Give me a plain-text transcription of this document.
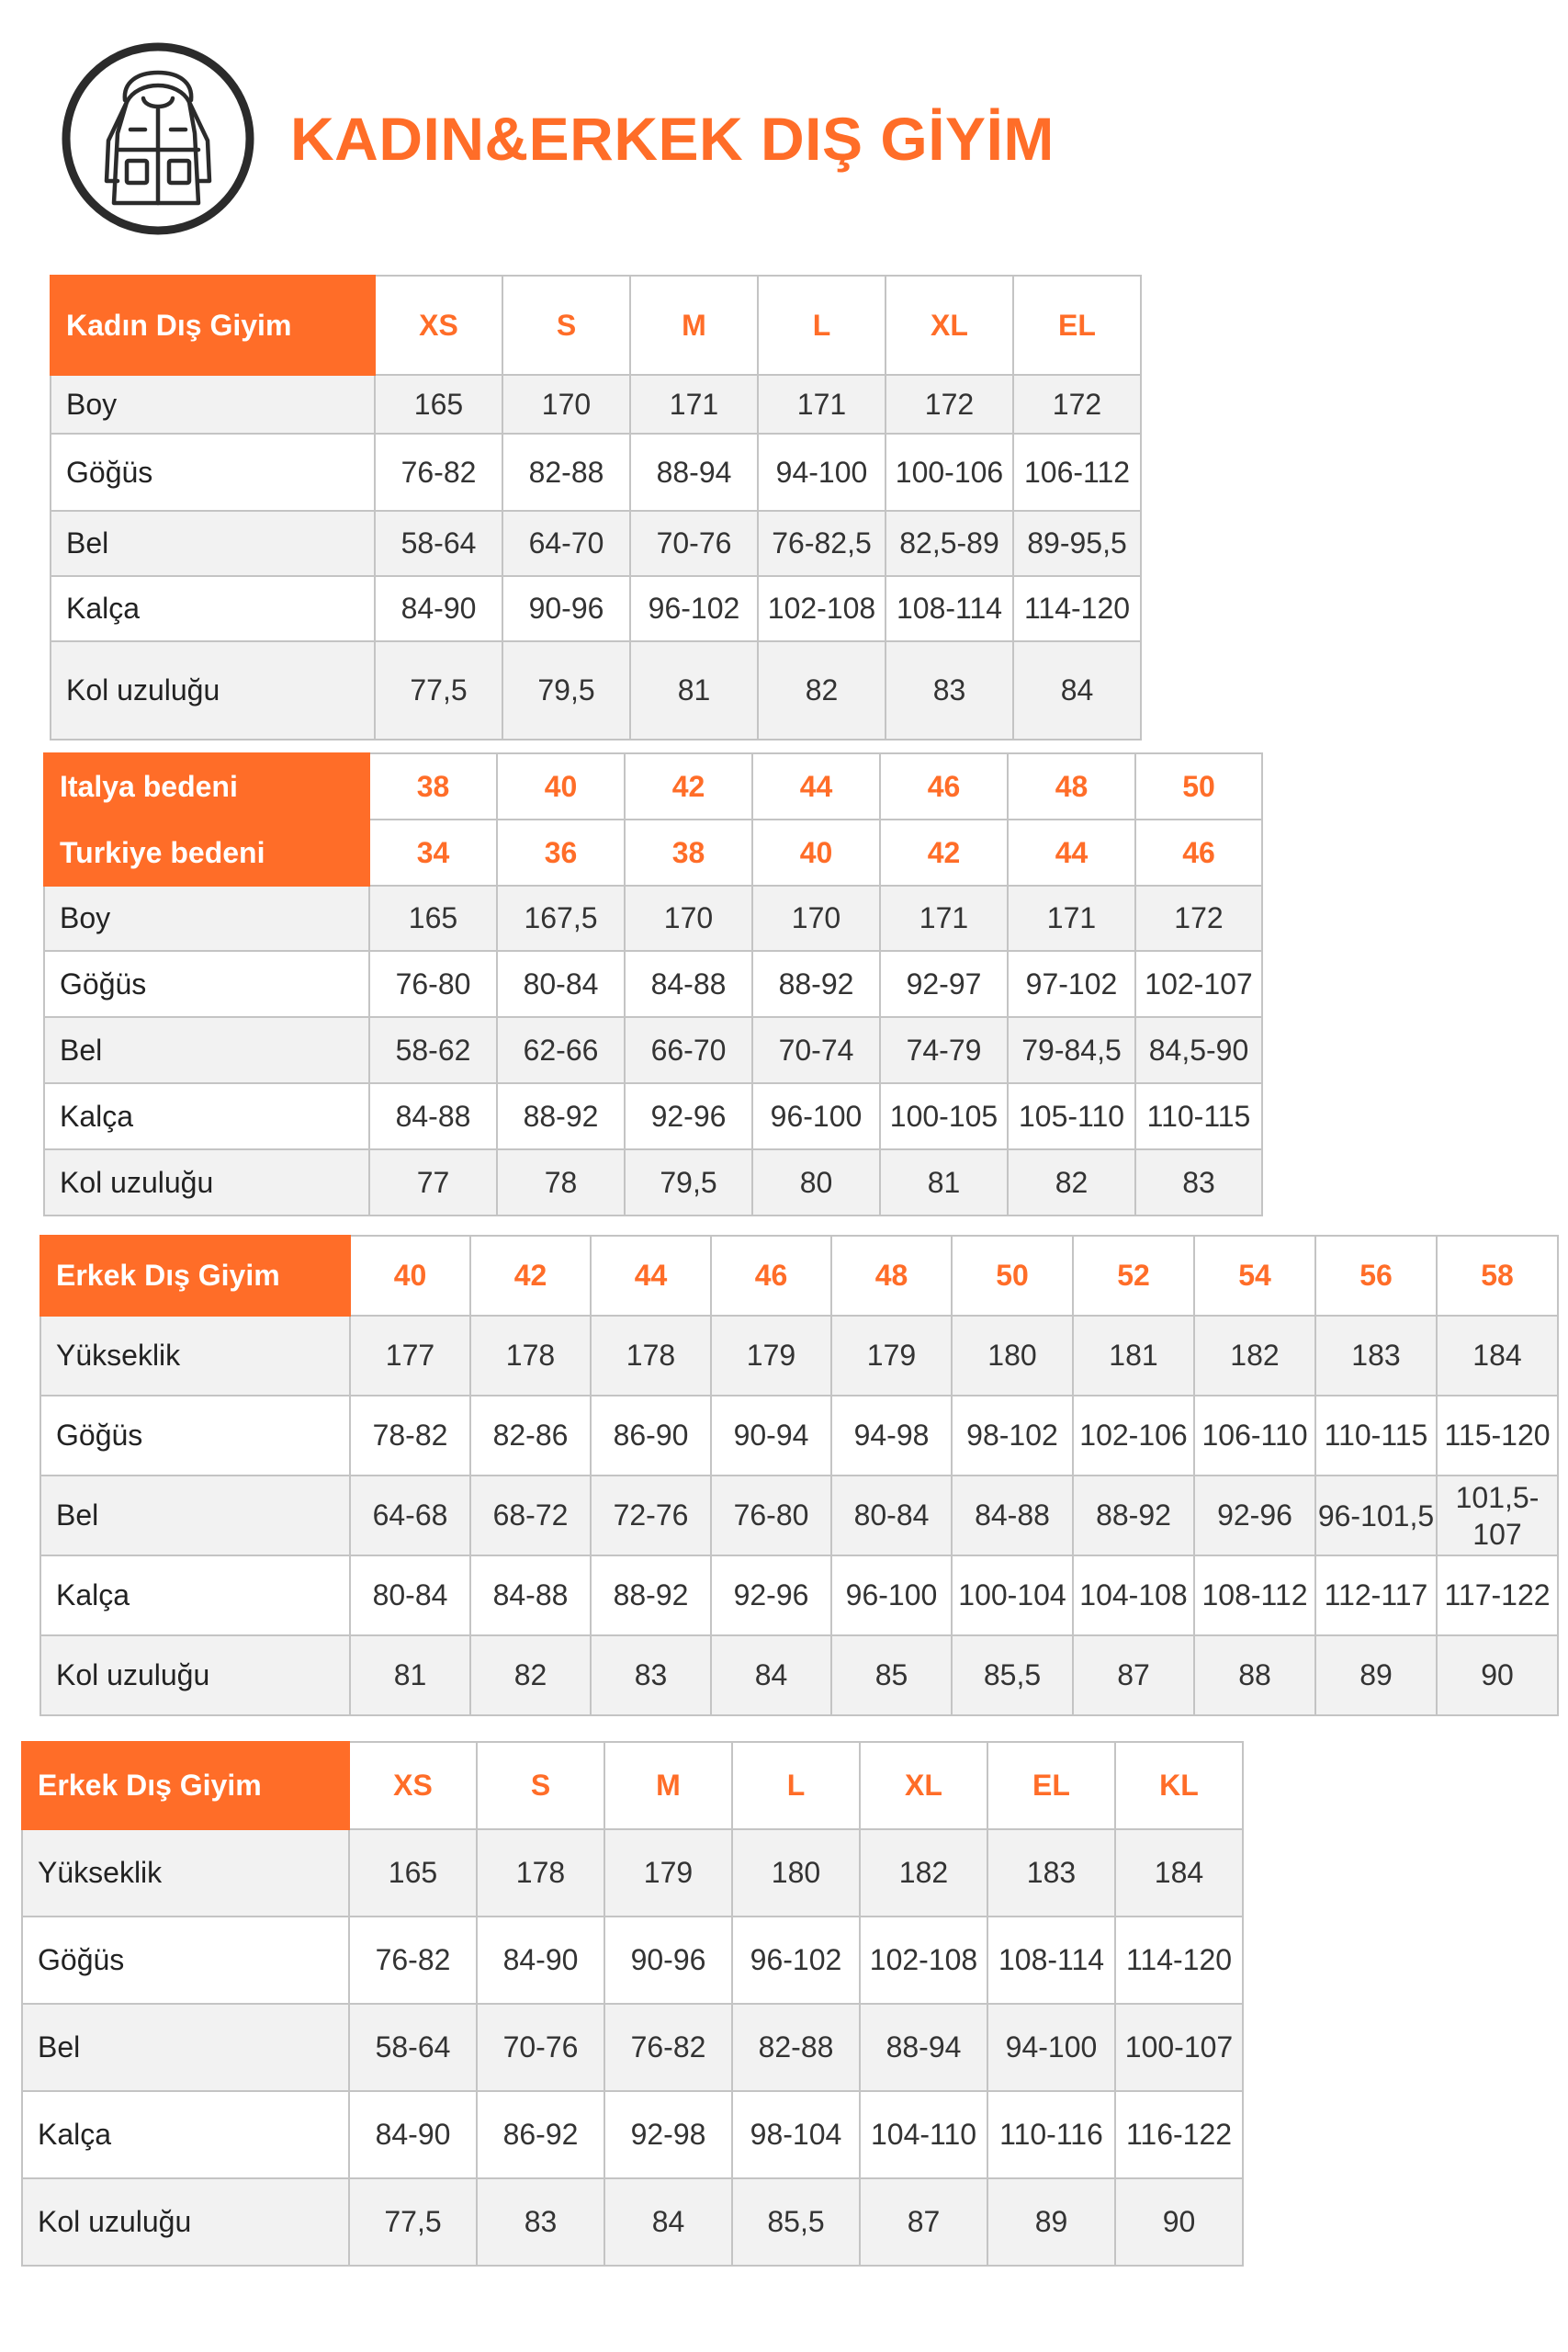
KADIN&ERKEK DIŞ GİYİM
Kadın Dış Giyim	XS	S	M	L	XL	EL
Boy	165	170	171	171	172	172
Göğüs	76-82	82-88	88-94	94-100	100-106	106-112
Bel	58-64	64-70	70-76	76-82,5	82,5-89	89-95,5
Kalça	84-90	90-96	96-102	102-108	108-114	114-120
Kol uzuluğu	77,5	79,5	81	82	83	84
Italya bedeni	38	40	42	44	46	48	50
Turkiye bedeni	34	36	38	40	42	44	46
Boy	165	167,5	170	170	171	171	172
Göğüs	76-80	80-84	84-88	88-92	92-97	97-102	102-107
Bel	58-62	62-66	66-70	70-74	74-79	79-84,5	84,5-90
Kalça	84-88	88-92	92-96	96-100	100-105	105-110	110-115
Kol uzuluğu	77	78	79,5	80	81	82	83
Erkek Dış Giyim	40	42	44	46	48	50	52	54	56	58
Yükseklik	177	178	178	179	179	180	181	182	183	184
Göğüs	78-82	82-86	86-90	90-94	94-98	98-102	102-106	106-110	110-115	115-120
Bel	64-68	68-72	72-76	76-80	80-84	84-88	88-92	92-96	96-101,5	101,5-107
Kalça	80-84	84-88	88-92	92-96	96-100	100-104	104-108	108-112	112-117	117-122
Kol uzuluğu	81	82	83	84	85	85,5	87	88	89	90
Erkek Dış Giyim	XS	S	M	L	XL	EL	KL
Yükseklik	165	178	179	180	182	183	184
Göğüs	76-82	84-90	90-96	96-102	102-108	108-114	114-120
Bel	58-64	70-76	76-82	82-88	88-94	94-100	100-107
Kalça	84-90	86-92	92-98	98-104	104-110	110-116	116-122
Kol uzuluğu	77,5	83	84	85,5	87	89	90
